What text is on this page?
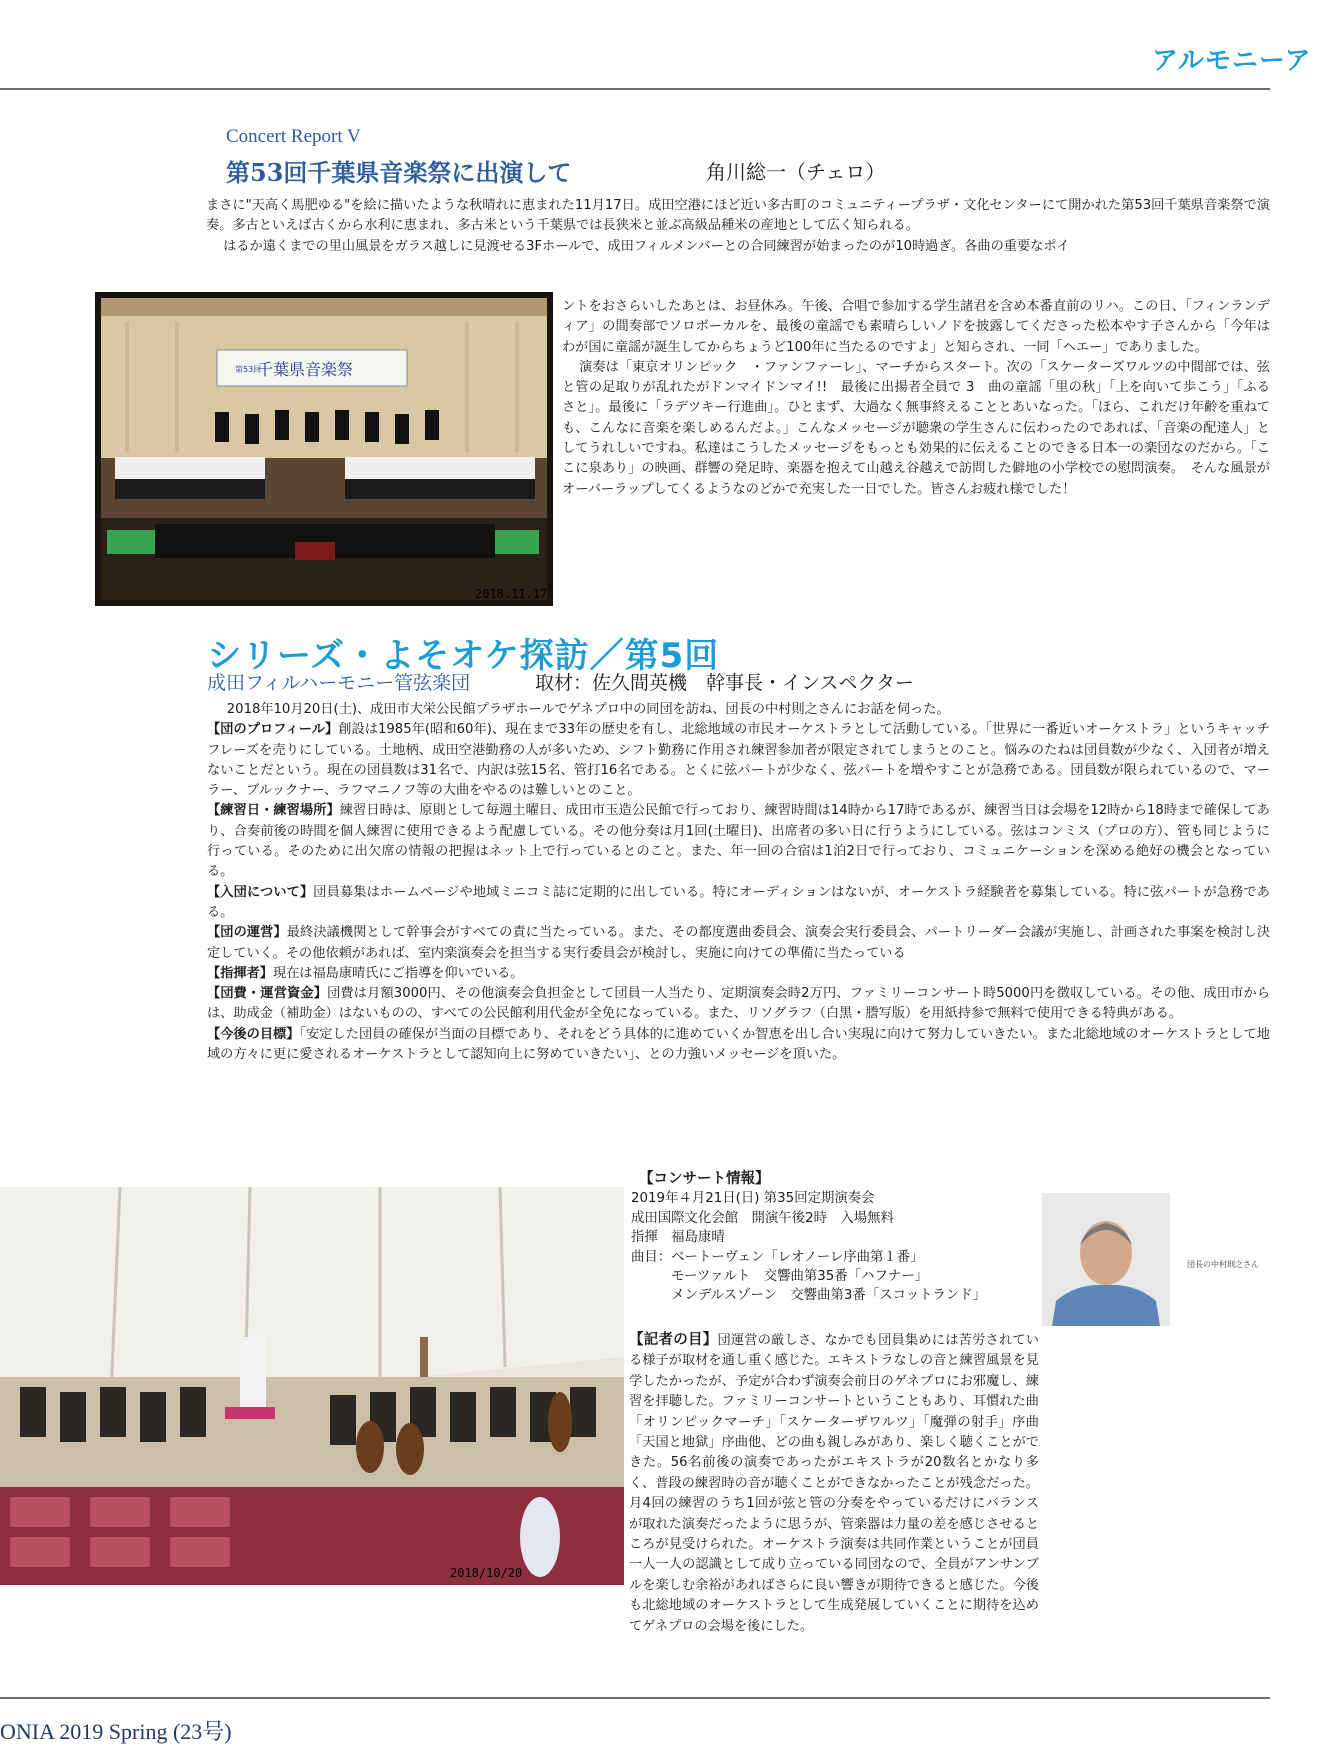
アルモニーア
Concert Report V
第53回千葉県音楽祭に出演して	角川総一（チェロ）

まさに"天高く馬肥ゆる"を絵に描いたような秋晴れに恵まれた11月17日。成田空港にほど近い多古町のコミュニティープラザ・文化センターにて開かれた第53回千葉県音楽祭で演奏。多古といえば古くから水利に恵まれ、多古米という千葉県では長狭米と並ぶ高級品種米の産地として広く知られる。

はるか遠くまでの里山風景をガラス越しに見渡せる3Fホールで、成田フィルメンバーとの合同練習が始まったのが10時過ぎ。各曲の重要なポイ

千葉県音楽祭
第53回
2018.11.17

ントをおさらいしたあとは、お昼休み。午後、合唱で参加する学生諸君を含め本番直前のリハ。この日、「フィンランディア」の間奏部でソロボーカルを、最後の童謡でも素晴らしいノドを披露してくださった松本やす子さんから「今年はわが国に童謡が誕生してからちょうど100年に当たるのですよ」と知らされ、一同「ヘエー」でありました。

演奏は「東京オリンピック　・ファンファーレ」、マーチからスタート。次の「スケーターズワルツの中間部では、弦と管の足取りが乱れたがドンマイドンマイ!!　最後に出揚者全員で 3　曲の童謡「里の秋」「上を向いて歩こう」「ふるさと」。最後に「ラデツキー行進曲」。ひとまず、大過なく無事終えることとあいなった。「ほら、これだけ年齢を重ねても、こんなに音楽を楽しめるんだよ。」こんなメッセージが聴衆の学生さんに伝わったのであれば、「音楽の配達人」としてうれしいですね。私達はこうしたメッセージをもっとも効果的に伝えることのできる日本一の楽団なのだから。「ここに泉あり」の映画、群響の発足時、楽器を抱えて山越え谷越えで訪問した僻地の小学校での慰問演奏。　そんな風景がオーバーラップしてくるようなのどかで充実した一日でした。皆さんお疲れ様でした！

シリーズ・よそオケ探訪／第5回
成田フィルハーモニー管弦楽団	取材：佐久間英機　幹事長・インスペクター

2018年10月20日(土)、成田市大栄公民館プラザホールでゲネプロ中の同団を訪ね、団長の中村則之さんにお話を伺った。

【団のプロフィール】創設は1985年(昭和60年)、現在まで33年の歴史を有し、北総地域の市民オーケストラとして活動している。「世界に一番近いオーケストラ」というキャッチフレーズを売りにしている。土地柄、成田空港勤務の人が多いため、シフト勤務に作用され練習参加者が限定されてしまうとのこと。悩みのたねは団員数が少なく、入団者が増えないことだという。現在の団員数は31名で、内訳は弦15名、管打16名である。とくに弦パートが少なく、弦パートを増やすことが急務である。団員数が限られているので、マーラー、ブルックナー、ラフマニノフ等の大曲をやるのは難しいとのこと。

【練習日・練習場所】練習日時は、原則として毎週土曜日、成田市玉造公民館で行っており、練習時間は14時から17時であるが、練習当日は会場を12時から18時まで確保してあり、合奏前後の時間を個人練習に使用できるよう配慮している。その他分奏は月1回(土曜日)、出席者の多い日に行うようにしている。弦はコンミス（プロの方）、管も同じように行っている。そのために出欠席の情報の把握はネット上で行っているとのこと。また、年一回の合宿は1泊2日で行っており、コミュニケーションを深める絶好の機会となっている。

【入団について】団員募集はホームページや地域ミニコミ誌に定期的に出している。特にオーディションはないが、オーケストラ経験者を募集している。特に弦パートが急務である。

【団の運営】最終決議機関として幹事会がすべての責に当たっている。また、その都度選曲委員会、演奏会実行委員会、パートリーダー会議が実施し、計画された事案を検討し決定していく。その他依頼があれば、室内楽演奏会を担当する実行委員会が検討し、実施に向けての準備に当たっている

【指揮者】現在は福島康晴氏にご指導を仰いでいる。

【団費・運営資金】団費は月額3000円、その他演奏会負担金として団員一人当たり、定期演奏会時2万円、ファミリーコンサート時5000円を徴収している。その他、成田市からは、助成金（補助金）はないものの、すべての公民館利用代金が全免になっている。また、リソグラフ（白黒・謄写版）を用紙持参で無料で使用できる特典がある。

【今後の目標】「安定した団員の確保が当面の目標であり、それをどう具体的に進めていくか智恵を出し合い実現に向けて努力していきたい。また北総地域のオーケストラとして地域の方々に更に愛されるオーケストラとして認知向上に努めていきたい」、との力強いメッセージを頂いた。

2018/10/20
【コンサート情報】
2019年４月21日(日) 第35回定期演奏会
成田国際文化会館　開演午後2時　入場無料
指揮　福島康晴
曲目：ベートーヴェン「レオノーレ序曲第１番」
　　　モーツァルト　交響曲第35番「ハフナー」
　　　メンデルスゾーン　交響曲第3番「スコットランド」
団長の中村則之さん

【記者の目】団運営の厳しさ、なかでも団員集めには苦労されている様子が取材を通し重く感じた。エキストラなしの音と練習風景を見学したかったが、予定が合わず演奏会前日のゲネプロにお邪魔し、練習を拝聴した。ファミリーコンサートということもあり、耳慣れた曲「オリンピックマーチ」「スケーターザワルツ」「魔弾の射手」序曲「天国と地獄」序曲他、どの曲も親しみがあり、楽しく聴くことができた。56名前後の演奏であったがエキストラが20数名とかなり多く、普段の練習時の音が聴くことができなかったことが残念だった。月4回の練習のうち1回が弦と管の分奏をやっているだけにバランスが取れた演奏だったように思うが、管楽器は力量の差を感じさせるところが見受けられた。オーケストラ演奏は共同作業ということが団員一人一人の認識として成り立っている同団なので、全員がアンサンブルを楽しむ余裕があればさらに良い響きが期待できると感じた。今後も北総地域のオーケストラとして生成発展していくことに期待を込めてゲネプロの会場を後にした。

ONIA 2019 Spring (23号)
